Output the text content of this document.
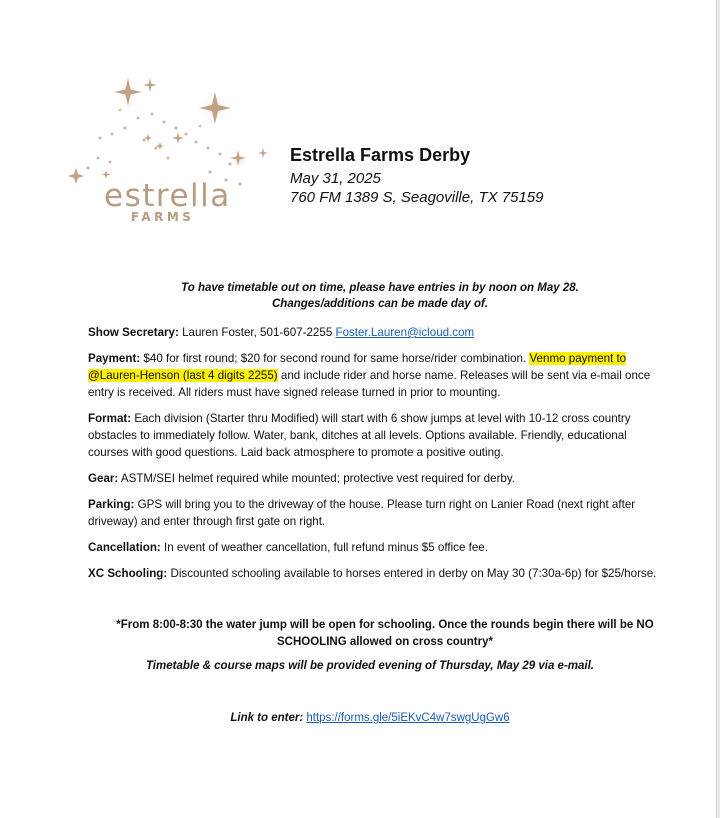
estrella
FARMS
Estrella Farms Derby
May 31, 2025
760 FM 1389 S, Seagoville, TX 75159
To have timetable out on time, please have entries in by noon on May 28.
Changes/additions can be made day of.

Show Secretary: Lauren Foster, 501-607-2255 Foster.Lauren@icloud.com

Payment: $40 for first round; $20 for second round for same horse/rider combination. Venmo payment to @Lauren-Henson (last 4 digits 2255) and include rider and horse name. Releases will be sent via e-mail once entry is received. All riders must have signed release turned in prior to mounting.

Format: Each division (Starter thru Modified) will start with 6 show jumps at level with 10-12 cross country obstacles to immediately follow. Water, bank, ditches at all levels. Options available. Friendly, educational courses with good questions. Laid back atmosphere to promote a positive outing.

Gear: ASTM/SEI helmet required while mounted; protective vest required for derby.

Parking: GPS will bring you to the driveway of the house. Please turn right on Lanier Road (next right after driveway) and enter through first gate on right.

Cancellation: In event of weather cancellation, full refund minus $5 office fee.

XC Schooling: Discounted schooling available to horses entered in derby on May 30 (7:30a-6p) for $25/horse.

*From 8:00-8:30 the water jump will be open for schooling. Once the rounds begin there will be NO SCHOOLING allowed on cross country*
Timetable & course maps will be provided evening of Thursday, May 29 via e-mail.
Link to enter: https://forms.gle/5iEKvC4w7swgUgGw6
